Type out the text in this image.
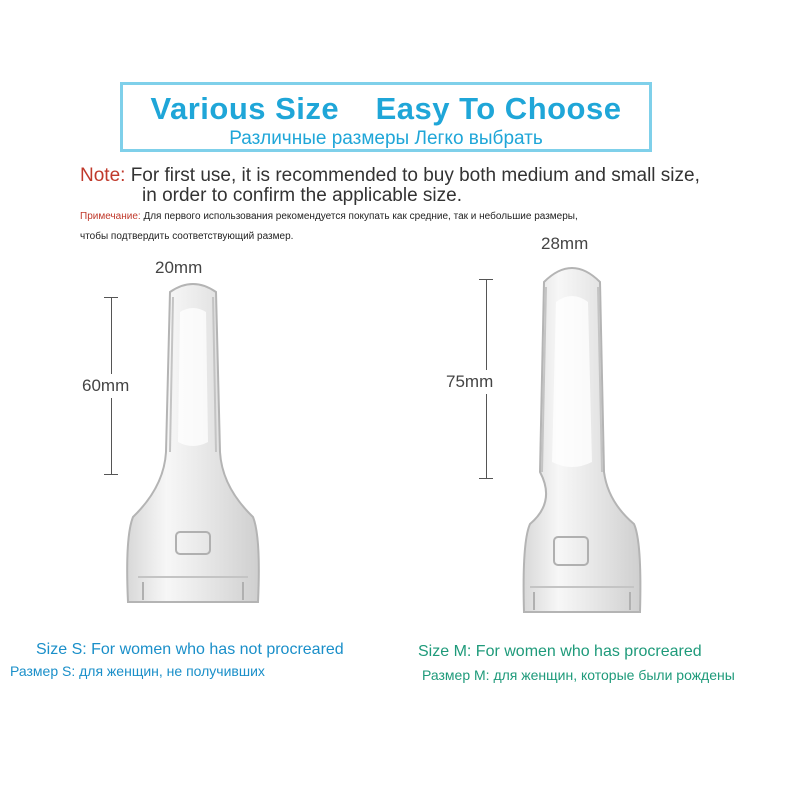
Various Size    Easy To Choose
Различные размеры Легко выбрать
Note: For first use, it is recommended to buy both medium and small size,
in order to confirm the applicable size.
Примечание: Для первого использования рекомендуется покупать как средние, так и небольшие размеры,
чтобы подтвердить соответствующий размер.
20mm
60mm
28mm
75mm
Size S: For women who has not procreared
Размер S: для женщин, не получивших
Size M: For women who has procreared
Размер М: для женщин, которые были рождены
